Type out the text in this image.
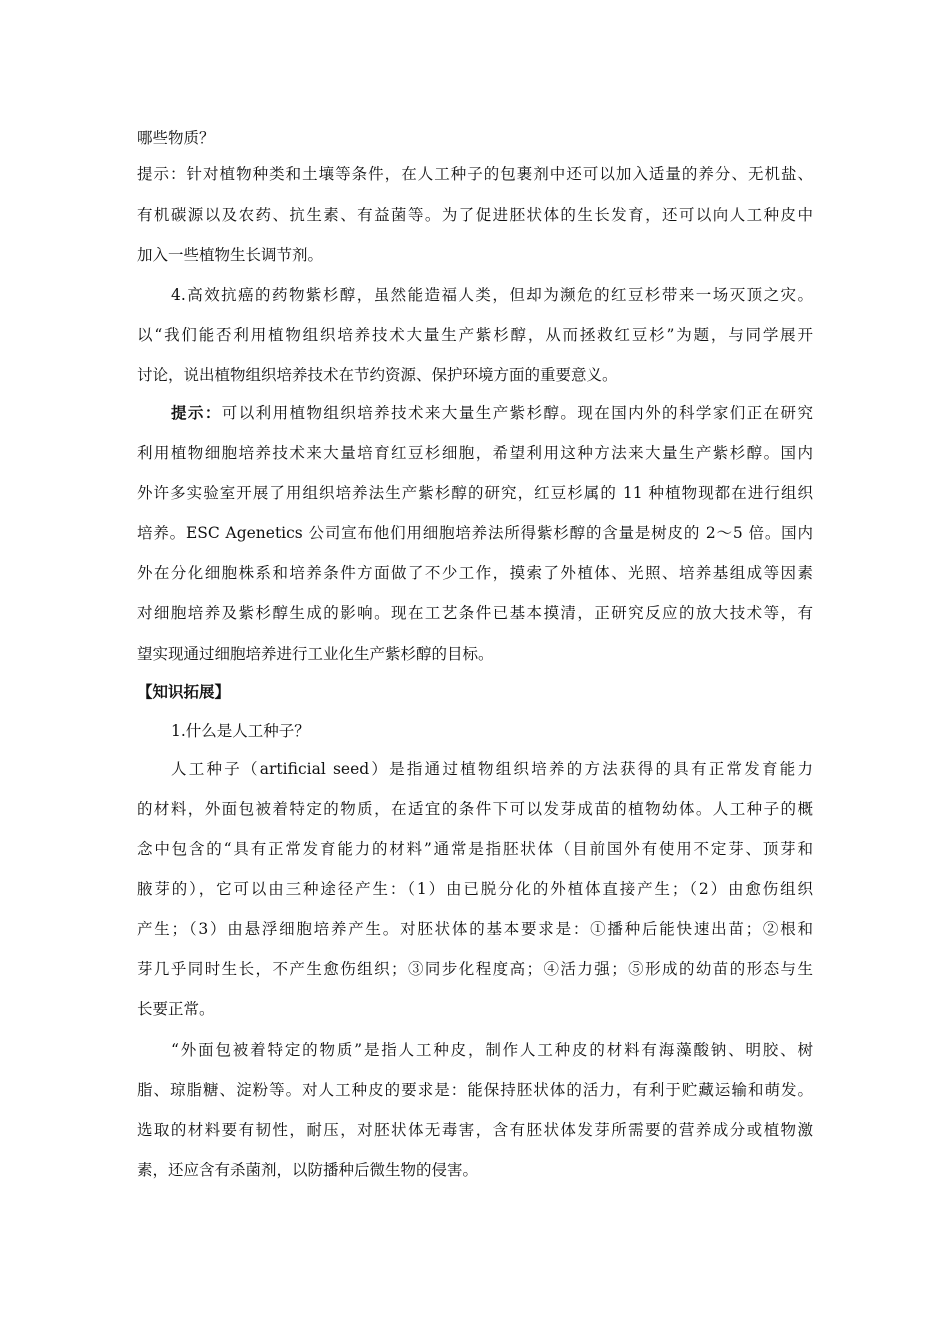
哪些物质？
提示：针对植物种类和土壤等条件，在人工种子的包裹剂中还可以加入适量的养分、无机盐、
有机碳源以及农药、抗生素、有益菌等。为了促进胚状体的生长发育，还可以向人工种皮中
加入一些植物生长调节剂。
4.高效抗癌的药物紫杉醇，虽然能造福人类，但却为濒危的红豆杉带来一场灭顶之灾。
以“我们能否利用植物组织培养技术大量生产紫杉醇，从而拯救红豆杉”为题，与同学展开
讨论，说出植物组织培养技术在节约资源、保护环境方面的重要意义。
提示：可以利用植物组织培养技术来大量生产紫杉醇。现在国内外的科学家们正在研究
利用植物细胞培养技术来大量培育红豆杉细胞，希望利用这种方法来大量生产紫杉醇。国内
外许多实验室开展了用组织培养法生产紫杉醇的研究，红豆杉属的 11 种植物现都在进行组织
培养。ESC Agenetics 公司宣布他们用细胞培养法所得紫杉醇的含量是树皮的 2～5 倍。国内
外在分化细胞株系和培养条件方面做了不少工作，摸索了外植体、光照、培养基组成等因素
对细胞培养及紫杉醇生成的影响。现在工艺条件已基本摸清，正研究反应的放大技术等，有
望实现通过细胞培养进行工业化生产紫杉醇的目标。
【知识拓展】
1.什么是人工种子？
人工种子（artificial seed）是指通过植物组织培养的方法获得的具有正常发育能力
的材料，外面包被着特定的物质，在适宜的条件下可以发芽成苗的植物幼体。人工种子的概
念中包含的“具有正常发育能力的材料”通常是指胚状体（目前国外有使用不定芽、顶芽和
腋芽的），它可以由三种途径产生：（1）由已脱分化的外植体直接产生；（2）由愈伤组织
产生；（3）由悬浮细胞培养产生。对胚状体的基本要求是：①播种后能快速出苗；②根和
芽几乎同时生长，不产生愈伤组织；③同步化程度高；④活力强；⑤形成的幼苗的形态与生
长要正常。
“外面包被着特定的物质”是指人工种皮，制作人工种皮的材料有海藻酸钠、明胶、树
脂、琼脂糖、淀粉等。对人工种皮的要求是：能保持胚状体的活力，有利于贮藏运输和萌发。
选取的材料要有韧性，耐压，对胚状体无毒害，含有胚状体发芽所需要的营养成分或植物激
素，还应含有杀菌剂，以防播种后微生物的侵害。
